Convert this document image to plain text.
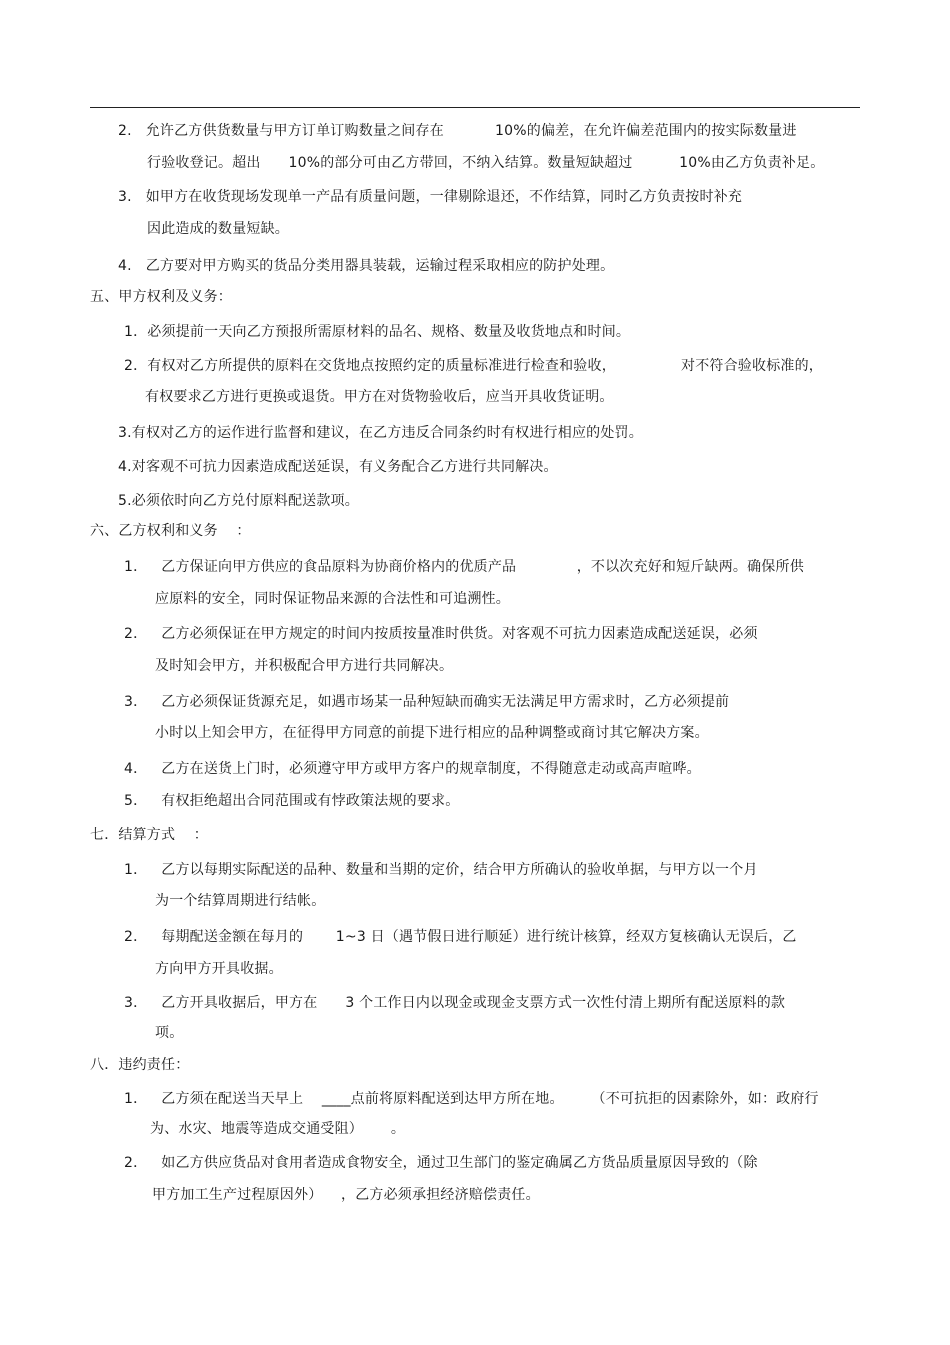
2.   允许乙方供货数量与甲方订单订购数量之间存在           10%的偏差，在允许偏差范围内的按实际数量进
行验收登记。超出      10%的部分可由乙方带回，不纳入结算。数量短缺超过          10%由乙方负责补足。
3.   如甲方在收货现场发现单一产品有质量问题，一律剔除退还，不作结算，同时乙方负责按时补充
因此造成的数量短缺。
4.   乙方要对甲方购买的货品分类用器具装载，运输过程采取相应的防护处理。
五、甲方权利及义务：
1．必须提前一天向乙方预报所需原材料的品名、规格、数量及收货地点和时间。
2．有权对乙方所提供的原料在交货地点按照约定的质量标准进行检查和验收，              对不符合验收标准的，
有权要求乙方进行更换或退货。甲方在对货物验收后，应当开具收货证明。
3.有权对乙方的运作进行监督和建议，在乙方违反合同条约时有权进行相应的处罚。
4.对客观不可抗力因素造成配送延误，有义务配合乙方进行共同解决。
5.必须依时向乙方兑付原料配送款项。
六、乙方权利和义务    ：
1．   乙方保证向甲方供应的食品原料为协商价格内的优质产品             ，不以次充好和短斤缺两。确保所供
应原料的安全，同时保证物品来源的合法性和可追溯性。
2．   乙方必须保证在甲方规定的时间内按质按量准时供货。对客观不可抗力因素造成配送延误，必须
及时知会甲方，并积极配合甲方进行共同解决。
3．   乙方必须保证货源充足，如遇市场某一品种短缺而确实无法满足甲方需求时，乙方必须提前
小时以上知会甲方，在征得甲方同意的前提下进行相应的品种调整或商讨其它解决方案。
4．   乙方在送货上门时，必须遵守甲方或甲方客户的规章制度，不得随意走动或高声喧哗。
5．   有权拒绝超出合同范围或有悖政策法规的要求。
七．结算方式    ：
1．   乙方以每期实际配送的品种、数量和当期的定价，结合甲方所确认的验收单据，与甲方以一个月
为一个结算周期进行结帐。
2．   每期配送金额在每月的       1~3 日（遇节假日进行顺延）进行统计核算，经双方复核确认无误后，乙
方向甲方开具收据。
3．   乙方开具收据后，甲方在      3 个工作日内以现金或现金支票方式一次性付清上期所有配送原料的款
项。
八．违约责任：
1．   乙方须在配送当天早上    ____点前将原料配送到达甲方所在地。      （不可抗拒的因素除外，如：政府行
为、水灾、地震等造成交通受阻）      。
2．   如乙方供应货品对食用者造成食物安全，通过卫生部门的鉴定确属乙方货品质量原因导致的（除
甲方加工生产过程原因外）    ，乙方必须承担经济赔偿责任。
